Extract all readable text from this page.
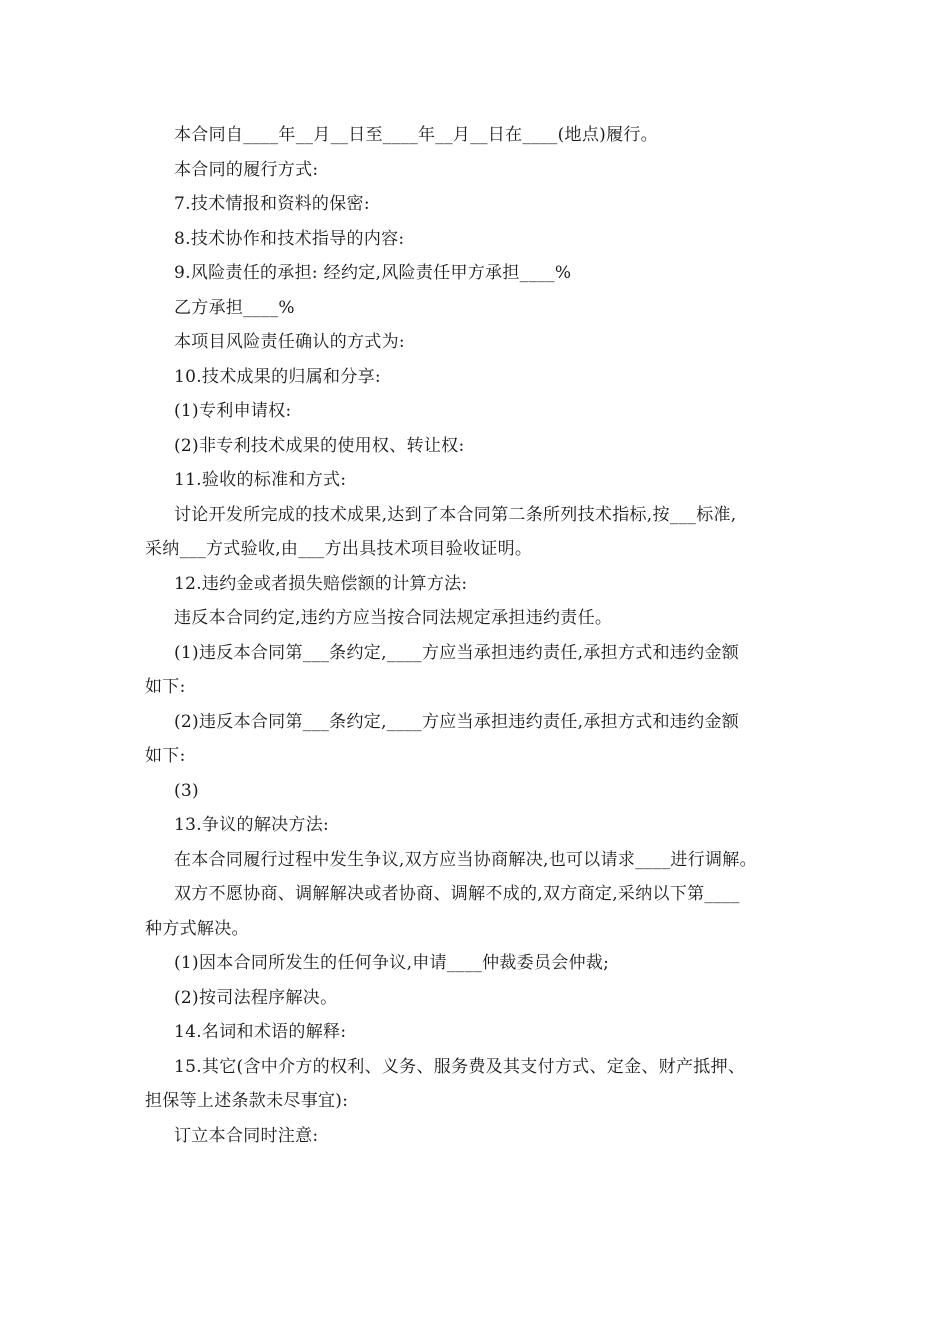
本合同自____年__月__日至____年__月__日在____(地点)履行。
本合同的履行方式:
7.技术情报和资料的保密:
8.技术协作和技术指导的内容:
9.风险责任的承担: 经约定,风险责任甲方承担____%
乙方承担____%
本项目风险责任确认的方式为:
10.技术成果的归属和分享:
(1)专利申请权:
(2)非专利技术成果的使用权、转让权:
11.验收的标准和方式:
讨论开发所完成的技术成果,达到了本合同第二条所列技术指标,按___标准,
采纳___方式验收,由___方出具技术项目验收证明。
12.违约金或者损失赔偿额的计算方法:
违反本合同约定,违约方应当按合同法规定承担违约责任。
(1)违反本合同第___条约定,____方应当承担违约责任,承担方式和违约金额
如下:
(2)违反本合同第___条约定,____方应当承担违约责任,承担方式和违约金额
如下:
(3)
13.争议的解决方法:
在本合同履行过程中发生争议,双方应当协商解决,也可以请求____进行调解。
双方不愿协商、调解解决或者协商、调解不成的,双方商定,采纳以下第____
种方式解决。
(1)因本合同所发生的任何争议,申请____仲裁委员会仲裁;
(2)按司法程序解决。
14.名词和术语的解释:
15.其它(含中介方的权利、义务、服务费及其支付方式、定金、财产抵押、
担保等上述条款未尽事宜):
订立本合同时注意:
